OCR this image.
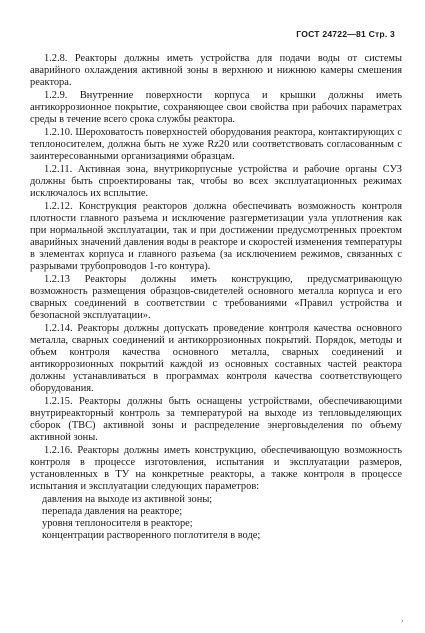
ГОСТ 24722—81 Стр. 3

1.2.8. Реакторы должны иметь устройства для подачи воды от системы аварийного охлаждения активной зоны в верхнюю и нижнюю камеры смешения реактора.

1.2.9. Внутренние поверхности корпуса и крышки должны иметь антикоррозионное покрытие, сохраняющее свои свойства при рабочих параметрах среды в течение всего срока службы реактора.

1.2.10. Шероховатость поверхностей оборудования реактора, контактирующих с теплоносителем, должна быть не хуже Rz20 или соответствовать согласованным с заинтересованными организациями образцам.

1.2.11. Активная зона, внутрикорпусные устройства и рабочие органы СУЗ должны быть спроектированы так, чтобы во всех эксплуатационных режимах исключалось их всплытие.

1.2.12. Конструкция реакторов должна обеспечивать возможность контроля плотности главного разъема и исключение разгерметизации узла уплотнения как при нормальной эксплуатации, так и при достижении предусмотренных проектом аварийных значений давления воды в реакторе и скоростей изменения температуры в элементах корпуса и главного разъема (за исключением режимов, связанных с разрывами трубопроводов 1-го контура).

1.2.13 Реакторы должны иметь конструкцию, предусматривающую возможность размещения образцов-свидетелей основного металла корпуса и его сварных соединений в соответствии с требованиями «Правил устройства и безопасной эксплуатации».

1.2.14. Реакторы должны допускать проведение контроля качества основного металла, сварных соединений и антикоррозионных покрытий. Порядок, методы и объем контроля качества основного металла, сварных соединений и антикоррозионных покрытий каждой из основных составных частей реактора должны устанавливаться в программах контроля качества соответствующего оборудования.

1.2.15. Реакторы должны быть оснащены устройствами, обеспечивающими внутриреакторный контроль за температурой на выходе из тепловыделяющих сборок (ТВС) активной зоны и распределение энерговыделения по объему активной зоны.

1.2.16. Реакторы должны иметь конструкцию, обеспечивающую возможность контроля в процессе изготовления, испытания и эксплуатации размеров, установленных в ТУ на конкретные реакторы, а также контроля в процессе испытания и эксплуатации следующих параметров:

давления на выходе из активной зоны;

перепада давления на реакторе;

уровня теплоносителя в реакторе;

концентрации растворенного поглотителя в воде;

›
